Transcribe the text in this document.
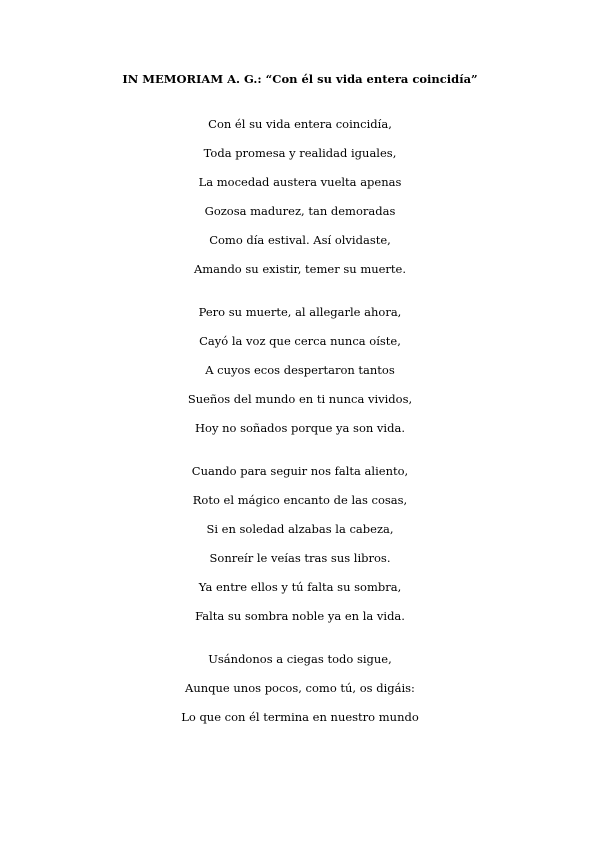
IN MEMORIAM A. G.: “Con él su vida entera coincidía”
Con él su vida entera coincidía,
Toda promesa y realidad iguales,
La mocedad austera vuelta apenas
Gozosa madurez, tan demoradas
Como día estival. Así olvidaste,
Amando su existir, temer su muerte.
Pero su muerte, al allegarle ahora,
Cayó la voz que cerca nunca oíste,
A cuyos ecos despertaron tantos
Sueños del mundo en ti nunca vividos,
Hoy no soñados porque ya son vida.
Cuando para seguir nos falta aliento,
Roto el mágico encanto de las cosas,
Si en soledad alzabas la cabeza,
Sonreír le veías tras sus libros.
Ya entre ellos y tú falta su sombra,
Falta su sombra noble ya en la vida.
Usándonos a ciegas todo sigue,
Aunque unos pocos, como tú, os digáis:
Lo que con él termina en nuestro mundo
